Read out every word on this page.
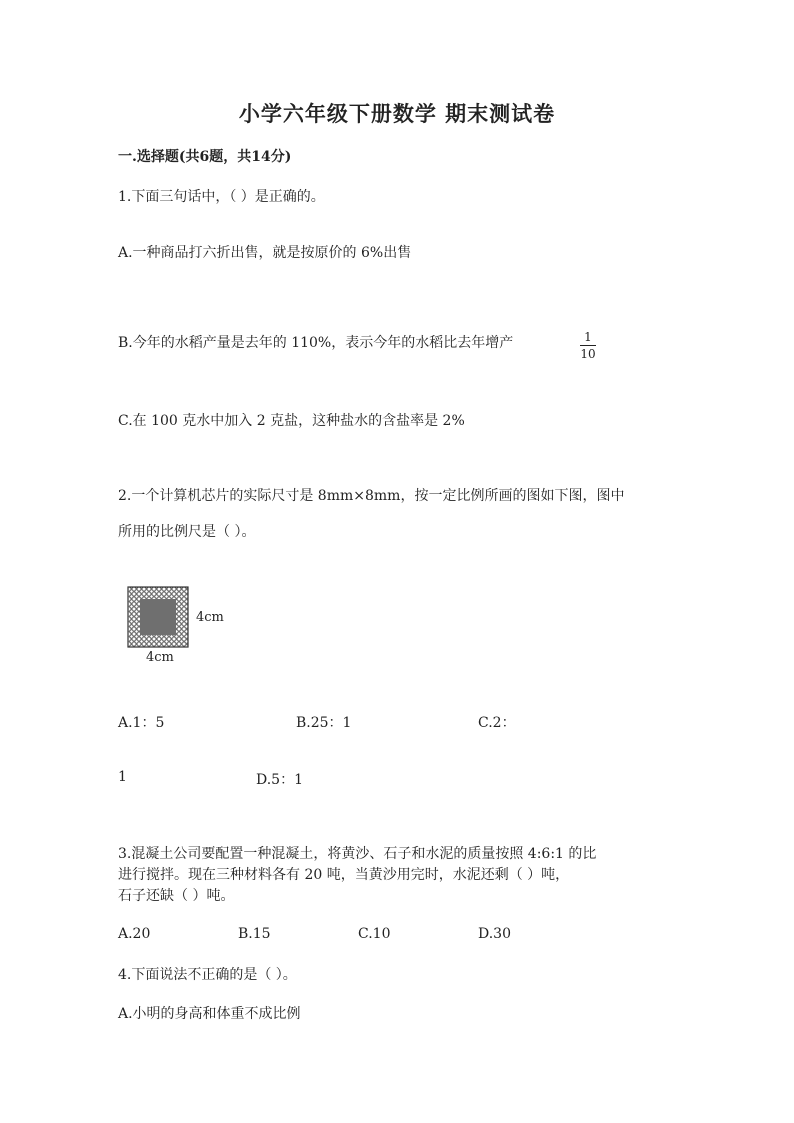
小学六年级下册数学 期末测试卷
一.选择题(共6题，共14分)
1.下面三句话中，（ ）是正确的。
A.一种商品打六折出售，就是按原价的 6%出售
B.今年的水稻产量是去年的 110%，表示今年的水稻比去年增产	$\frac{1}{10}$
C.在 100 克水中加入 2 克盐，这种盐水的含盐率是 2%
2.一个计算机芯片的实际尺寸是 8mm×8mm，按一定比例所画的图如下图，图中
所用的比例尺是（ ）。
4cm
4cm
A.1：5	B.25：1	C.2：
1	D.5：1
3.混凝土公司要配置一种混凝土，将黄沙、石子和水泥的质量按照 4:6:1 的比
进行搅拌。现在三种材料各有 20 吨，当黄沙用完时，水泥还剩（ ）吨，
石子还缺（ ）吨。
A.20	B.15	C.10	D.30
4.下面说法不正确的是（ ）。
A.小明的身高和体重不成比例
